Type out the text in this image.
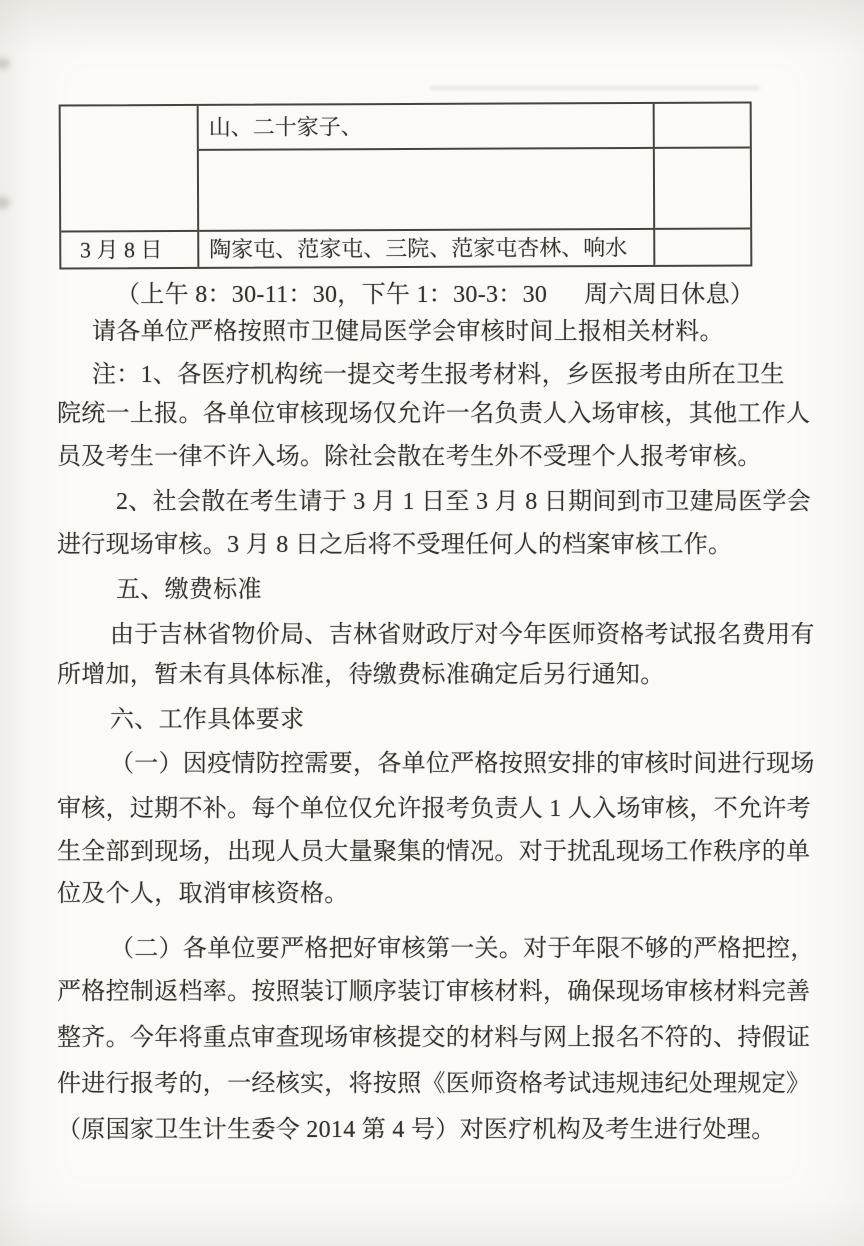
山、二十家子、

3 月 8 日	陶家屯、范家屯、三院、范家屯杏林、响水
（上午 8：30-11：30，下午 1：30-3：30　  周六周日休息）
请各单位严格按照市卫健局医学会审核时间上报相关材料。
注：1、各医疗机构统一提交考生报考材料，乡医报考由所在卫生
院统一上报。各单位审核现场仅允许一名负责人入场审核，其他工作人
员及考生一律不许入场。除社会散在考生外不受理个人报考审核。
2、社会散在考生请于 3 月 1 日至 3 月 8 日期间到市卫建局医学会
进行现场审核。3 月 8 日之后将不受理任何人的档案审核工作。
五、缴费标准
由于吉林省物价局、吉林省财政厅对今年医师资格考试报名费用有
所增加，暂未有具体标准，待缴费标准确定后另行通知。
六、工作具体要求
（一）因疫情防控需要，各单位严格按照安排的审核时间进行现场
审核，过期不补。每个单位仅允许报考负责人 1 人入场审核，不允许考
生全部到现场，出现人员大量聚集的情况。对于扰乱现场工作秩序的单
位及个人，取消审核资格。
（二）各单位要严格把好审核第一关。对于年限不够的严格把控，
严格控制返档率。按照装订顺序装订审核材料，确保现场审核材料完善
整齐。今年将重点审查现场审核提交的材料与网上报名不符的、持假证
件进行报考的，一经核实，将按照《医师资格考试违规违纪处理规定》
（原国家卫生计生委令 2014 第 4 号）对医疗机构及考生进行处理。
